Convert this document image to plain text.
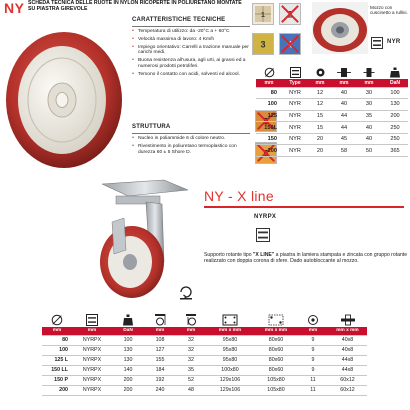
NY SCHEDA TECNICA DELLE RUOTE IN NYLON RICOPERTE IN POLIURETANO MONTATE SU PIASTRA GIREVOLE
CARATTERISTICHE TECNICHE
• Temperatura di utilizzo: da -20°C a + 60°C
• Velocità massima di lavoro: 4 Km/h
• Impiego orientativo: Carrelli a trazione manuale per carichi medi.
• Buona resistenza all'usura, agli urti, ai grassi ed a numerosi prodotti petroliferi.
• Temono il contatto con acidi, solventi ed alcool.
STRUTTURA
• Nucleo in poliammide 6 di colore neutro.
• Rivestimento in poliuretano termoplastico con durezza 60 ± 5 Shore D.
1
3
Mozzo con cuscinetto a rullini.
NYR

mm	Type	mm	mm	mm	DaN
80	NYR	12	40	30	100
100	NYR	12	40	30	130
125	NYR	15	44	35	200
150L	NYR	15	44	40	250
150	NYR	20	45	40	250
200	NYR	20	58	50	365
NY - X line
NYRPX
Supporto rotante tipo "X LINE" a piastra in lamiera stampata e zincata con gruppo rotante realizzato con doppia corona di sfere. Dado autobloccante al mozzo.

mm	mm	DaN	mm	mm	mm x mm	mm x mm	mm	mm x mm
80	NYRPX	100	108	32	95x80	80x60	9	40x8
100	NYRPX	130	127	32	95x80	80x60	9	40x8
125 L	NYRPX	130	155	32	95x80	80x60	9	44x8
150 LL	NYRPX	140	184	35	100x80	80x60	9	44x8
150 P	NYRPX	200	192	52	129x106	105x80	11	60x12
200	NYRPX	200	240	48	129x106	105x80	11	60x12
